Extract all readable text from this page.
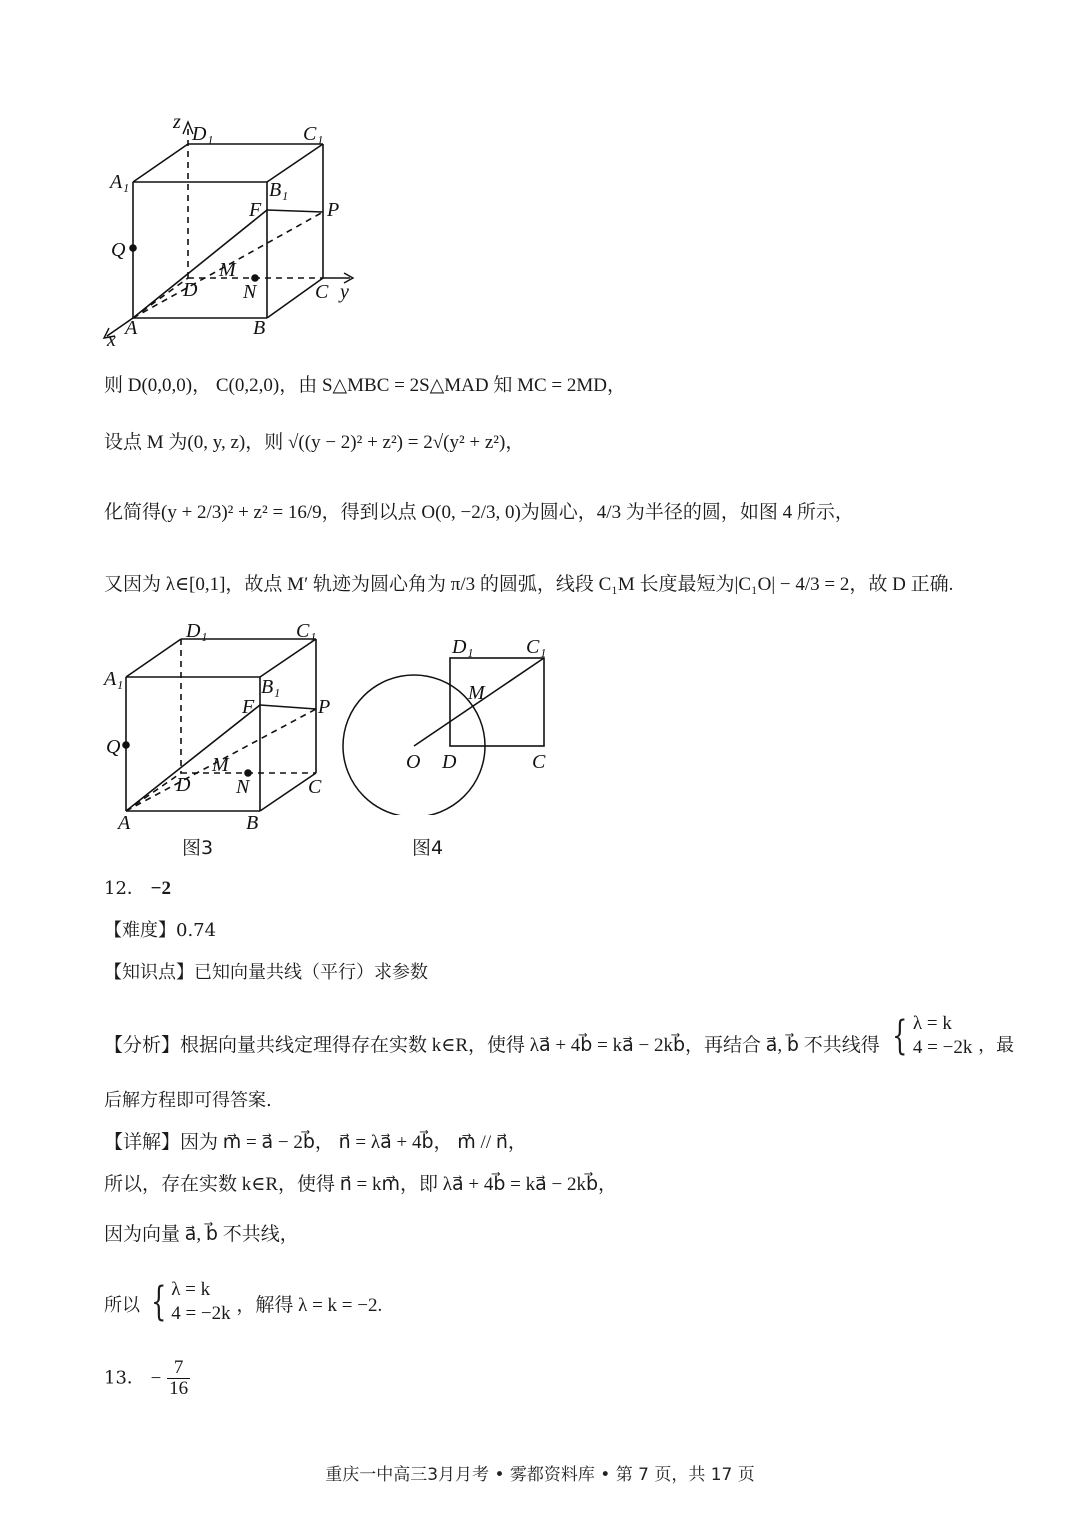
z
D₁	C₁
A₁	B₁
F	P
Q
M
D N	C y
A	B
x
则 D(0,0,0)， C(0,2,0)，由 S△MBC = 2S△MAD 知 MC = 2MD，
设点 M 为(0, y, z)，则 √((y − 2)² + z²) = 2√(y² + z²)，
化简得(y + 2/3)² + z² = 16/9，得到以点 O(0, −2/3, 0)为圆心，4/3 为半径的圆，如图 4 所示，
又因为 λ∈[0,1]，故点 M′ 轨迹为圆心角为 π/3 的圆弧，线段 C₁M 长度最短为|C₁O| − 4/3 = 2，故 D 正确.
D₁	C₁
A₁	B₁
F	P
Q
M
D N	C
A	B
图3
D₁	C₁
M
O D	C
图4
12． −2
【难度】0.74
【知识点】已知向量共线（平行）求参数
【分析】根据向量共线定理得存在实数 k∈R，使得 λa⃗ + 4b⃗ = ka⃗ − 2kb⃗，再结合 a⃗, b⃗ 不共线得 { λ = k
4 = −2k ，最
后解方程即可得答案.
【详解】因为 m⃗ = a⃗ − 2b⃗， n⃗ = λa⃗ + 4b⃗， m⃗ // n⃗，
所以，存在实数 k∈R，使得 n⃗ = km⃗，即 λa⃗ + 4b⃗ = ka⃗ − 2kb⃗，
因为向量 a⃗, b⃗ 不共线，
所以 { λ = k
4 = −2k ，解得 λ = k = −2.
13． − $\frac{7}{16}$
重庆一中高三3月月考 • 雾都资料库 • 第 7 页，共 17 页
